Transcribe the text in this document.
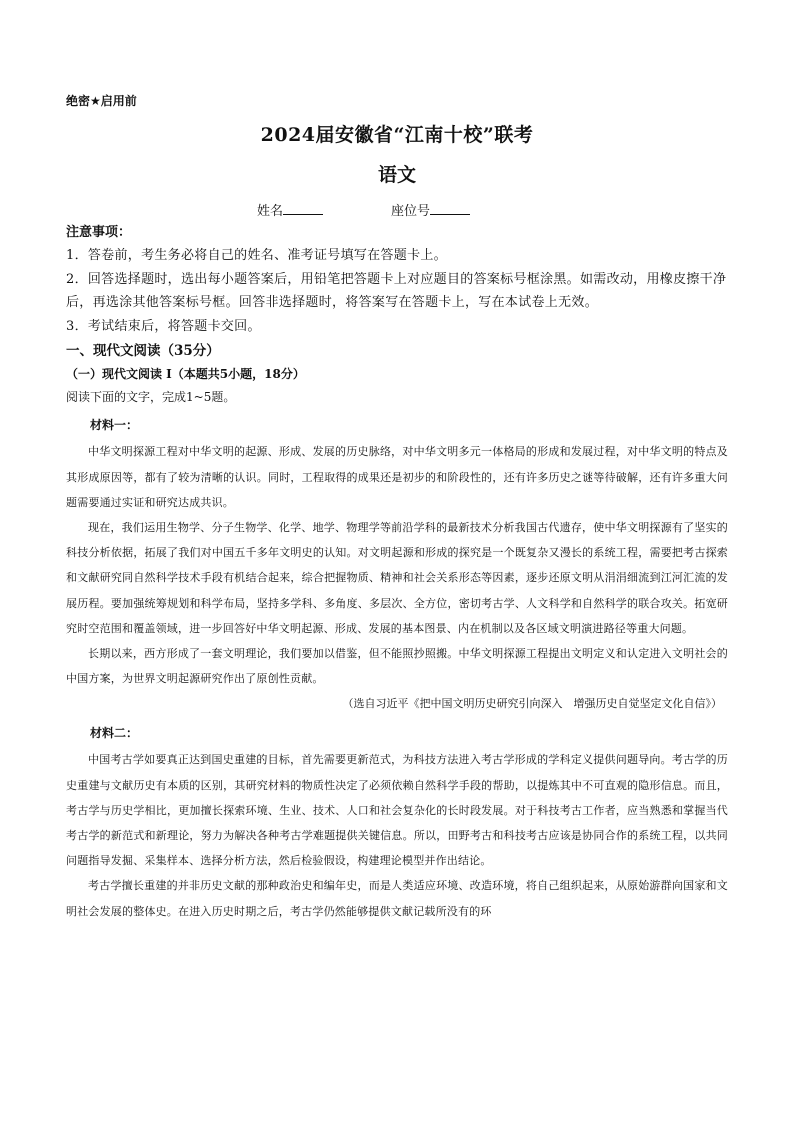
绝密★启用前
2024届安徽省“江南十校”联考
语文
姓名	座位号
注意事项：
1．答卷前，考生务必将自己的姓名、准考证号填写在答题卡上。
2．回答选择题时，选出每小题答案后，用铅笔把答题卡上对应题目的答案标号框涂黑。如需改动，用橡皮擦干净后，再选涂其他答案标号框。回答非选择题时，将答案写在答题卡上，写在本试卷上无效。
3．考试结束后，将答题卡交回。
一、现代文阅读（35分）
（一）现代文阅读 I（本题共5小题，18分）
阅读下面的文字，完成1~5题。
材料一：

中华文明探源工程对中华文明的起源、形成、发展的历史脉络，对中华文明多元一体格局的形成和发展过程，对中华文明的特点及其形成原因等，都有了较为清晰的认识。同时，工程取得的成果还是初步的和阶段性的，还有许多历史之谜等待破解，还有许多重大问题需要通过实证和研究达成共识。

现在，我们运用生物学、分子生物学、化学、地学、物理学等前沿学科的最新技术分析我国古代遗存，使中华文明探源有了坚实的科技分析依据，拓展了我们对中国五千多年文明史的认知。对文明起源和形成的探究是一个既复杂又漫长的系统工程，需要把考古探索和文献研究同自然科学技术手段有机结合起来，综合把握物质、精神和社会关系形态等因素，逐步还原文明从涓涓细流到江河汇流的发展历程。要加强统筹规划和科学布局，坚持多学科、多角度、多层次、全方位，密切考古学、人文科学和自然科学的联合攻关。拓宽研究时空范围和覆盖领域，进一步回答好中华文明起源、形成、发展的基本图景、内在机制以及各区域文明演进路径等重大问题。

长期以来，西方形成了一套文明理论，我们要加以借鉴，但不能照抄照搬。中华文明探源工程提出文明定义和认定进入文明社会的中国方案，为世界文明起源研究作出了原创性贡献。

（选自习近平《把中国文明历史研究引向深入　增强历史自觉坚定文化自信》）

材料二：

中国考古学如要真正达到国史重建的目标，首先需要更新范式，为科技方法进入考古学形成的学科定义提供问题导向。考古学的历史重建与文献历史有本质的区别，其研究材料的物质性决定了必须依赖自然科学手段的帮助，以提炼其中不可直观的隐形信息。而且，考古学与历史学相比，更加擅长探索环境、生业、技术、人口和社会复杂化的长时段发展。对于科技考古工作者，应当熟悉和掌握当代考古学的新范式和新理论，努力为解决各种考古学难题提供关键信息。所以，田野考古和科技考古应该是协同合作的系统工程，以共同问题指导发掘、采集样本、选择分析方法，然后检验假设，构建理论模型并作出结论。

考古学擅长重建的并非历史文献的那种政治史和编年史，而是人类适应环境、改造环境，将自己组织起来，从原始游群向国家和文明社会发展的整体史。在进入历史时期之后，考古学仍然能够提供文献记载所没有的环
